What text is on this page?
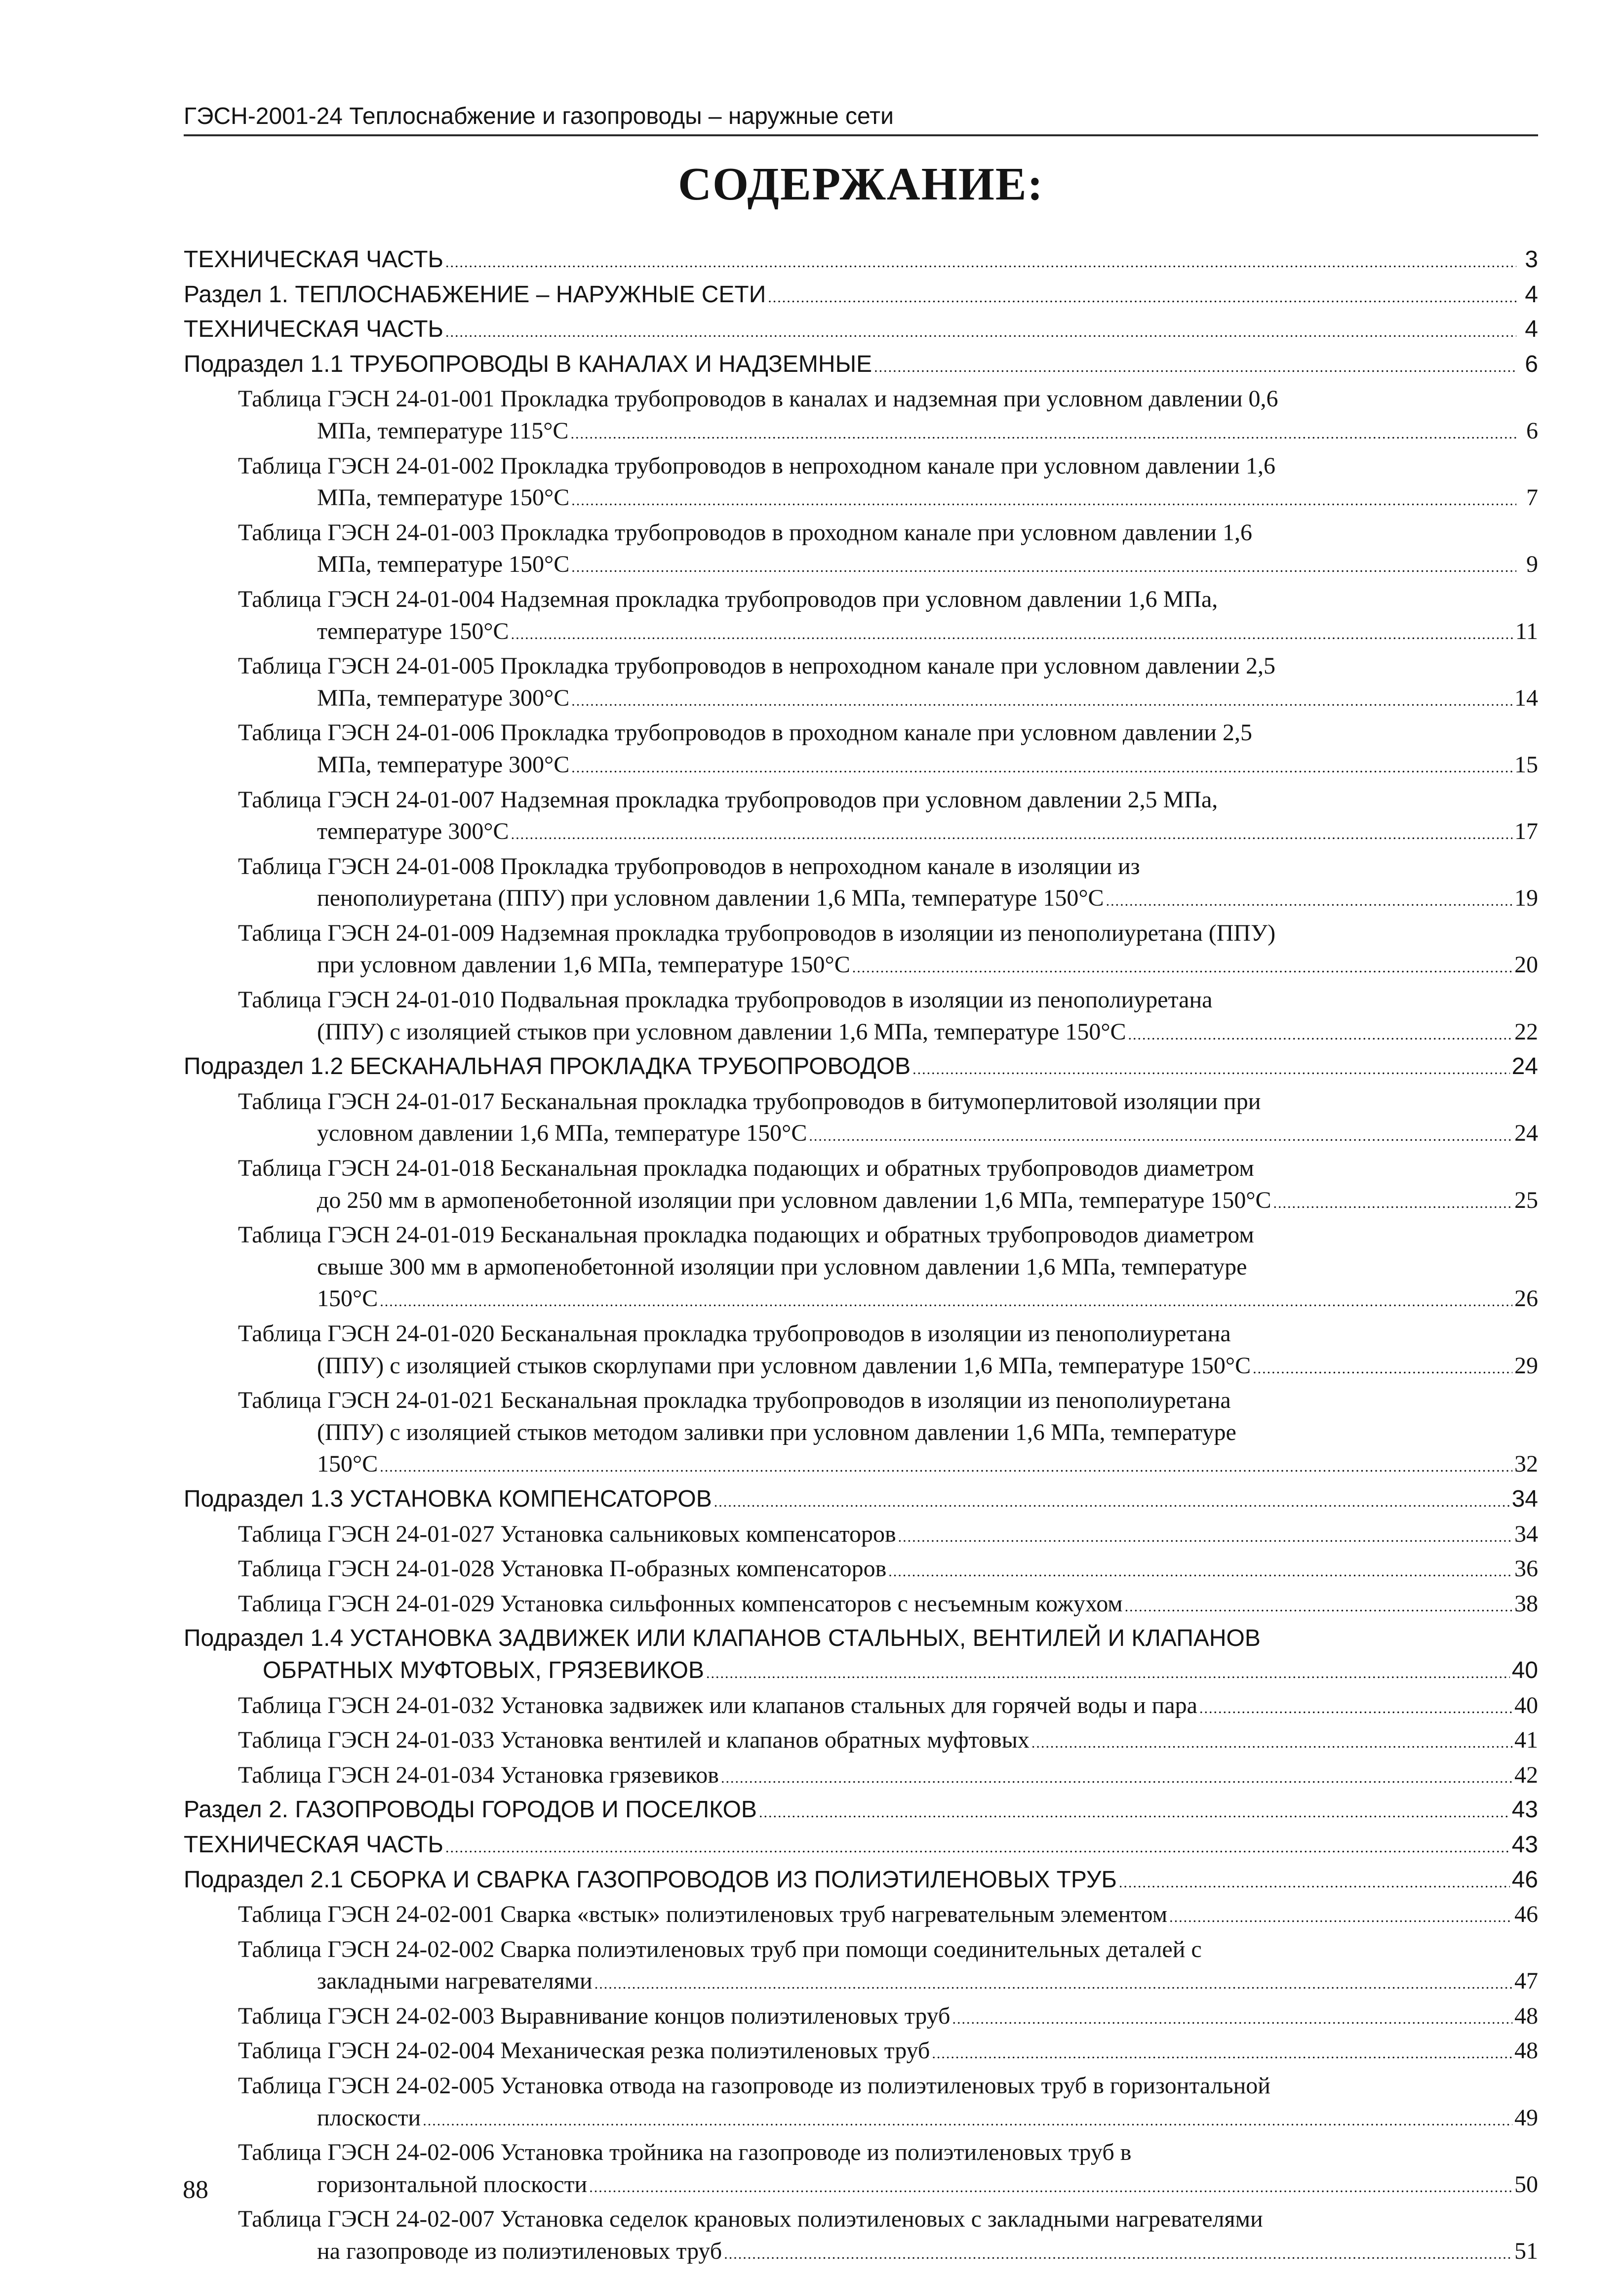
ГЭСН-2001-24 Теплоснабжение и газопроводы – наружные сети
СОДЕРЖАНИЕ:
ТЕХНИЧЕСКАЯ ЧАСТЬ .....	3
Раздел 1. ТЕПЛОСНАБЖЕНИЕ – НАРУЖНЫЕ СЕТИ .....	4
ТЕХНИЧЕСКАЯ ЧАСТЬ .....	4
Подраздел 1.1 ТРУБОПРОВОДЫ В КАНАЛАХ И НАДЗЕМНЫЕ .....	6
Таблица ГЭСН 24-01-001 Прокладка трубопроводов в каналах и надземная при условном давлении 0,6
МПа, температуре 115°С .....	6
Таблица ГЭСН 24-01-002 Прокладка трубопроводов в непроходном канале при условном давлении 1,6
МПа, температуре 150°С .....	7
Таблица ГЭСН 24-01-003 Прокладка трубопроводов в проходном канале при условном давлении 1,6
МПа, температуре 150°С .....	9
Таблица ГЭСН 24-01-004 Надземная прокладка трубопроводов при условном давлении 1,6 МПа,
температуре 150°С .....	11
Таблица ГЭСН 24-01-005 Прокладка трубопроводов в непроходном канале при условном давлении 2,5
МПа, температуре 300°С .....	14
Таблица ГЭСН 24-01-006 Прокладка трубопроводов в проходном канале при условном давлении 2,5
МПа, температуре 300°С .....	15
Таблица ГЭСН 24-01-007 Надземная прокладка трубопроводов при условном давлении 2,5 МПа,
температуре 300°С .....	17
Таблица ГЭСН 24-01-008 Прокладка трубопроводов в непроходном канале в изоляции из
пенополиуретана (ППУ) при условном давлении 1,6 МПа, температуре 150°С .....	19
Таблица ГЭСН 24-01-009 Надземная прокладка трубопроводов в изоляции из пенополиуретана (ППУ)
при условном давлении 1,6 МПа, температуре 150°С .....	20
Таблица ГЭСН 24-01-010 Подвальная прокладка трубопроводов в изоляции из пенополиуретана
(ППУ) с изоляцией стыков при условном давлении 1,6 МПа, температуре 150°С .....	22
Подраздел 1.2 БЕСКАНАЛЬНАЯ ПРОКЛАДКА ТРУБОПРОВОДОВ .....	24
Таблица ГЭСН 24-01-017 Бесканальная прокладка трубопроводов в битумоперлитовой изоляции при
условном давлении 1,6 МПа, температуре 150°С .....	24
Таблица ГЭСН 24-01-018 Бесканальная прокладка подающих и обратных трубопроводов диаметром
до 250 мм в армопенобетонной изоляции при условном давлении 1,6 МПа, температуре 150°С .....	25
Таблица ГЭСН 24-01-019 Бесканальная прокладка подающих и обратных трубопроводов диаметром
свыше 300 мм в армопенобетонной изоляции при условном давлении 1,6 МПа, температуре
150°С .....	26
Таблица ГЭСН 24-01-020 Бесканальная прокладка трубопроводов в изоляции из пенополиуретана
(ППУ) с изоляцией стыков скорлупами при условном давлении 1,6 МПа, температуре 150°С .....	29
Таблица ГЭСН 24-01-021 Бесканальная прокладка трубопроводов в изоляции из пенополиуретана
(ППУ) с изоляцией стыков методом заливки при условном давлении 1,6 МПа, температуре
150°С .....	32
Подраздел 1.3 УСТАНОВКА КОМПЕНСАТОРОВ .....	34
Таблица ГЭСН 24-01-027 Установка сальниковых компенсаторов .....	34
Таблица ГЭСН 24-01-028 Установка П-образных компенсаторов .....	36
Таблица ГЭСН 24-01-029 Установка сильфонных компенсаторов с несъемным кожухом .....	38
Подраздел 1.4 УСТАНОВКА ЗАДВИЖЕК ИЛИ КЛАПАНОВ СТАЛЬНЫХ, ВЕНТИЛЕЙ И КЛАПАНОВ
ОБРАТНЫХ МУФТОВЫХ, ГРЯЗЕВИКОВ .....	40
Таблица ГЭСН 24-01-032 Установка задвижек или клапанов стальных для горячей воды и пара .....	40
Таблица ГЭСН 24-01-033 Установка вентилей и клапанов обратных муфтовых .....	41
Таблица ГЭСН 24-01-034 Установка грязевиков .....	42
Раздел 2. ГАЗОПРОВОДЫ ГОРОДОВ И ПОСЕЛКОВ .....	43
ТЕХНИЧЕСКАЯ ЧАСТЬ .....	43
Подраздел 2.1 СБОРКА И СВАРКА ГАЗОПРОВОДОВ ИЗ ПОЛИЭТИЛЕНОВЫХ ТРУБ .....	46
Таблица ГЭСН 24-02-001 Сварка «встык» полиэтиленовых труб нагревательным элементом .....	46
Таблица ГЭСН 24-02-002 Сварка полиэтиленовых труб при помощи соединительных деталей с
закладными нагревателями .....	47
Таблица ГЭСН 24-02-003 Выравнивание концов полиэтиленовых труб .....	48
Таблица ГЭСН 24-02-004 Механическая резка полиэтиленовых труб .....	48
Таблица ГЭСН 24-02-005 Установка отвода на газопроводе из полиэтиленовых труб в горизонтальной
плоскости .....	49
Таблица ГЭСН 24-02-006 Установка тройника на газопроводе из полиэтиленовых труб в
горизонтальной плоскости .....	50
Таблица ГЭСН 24-02-007 Установка седелок крановых полиэтиленовых с закладными нагревателями
на газопроводе из полиэтиленовых труб .....	51
88
